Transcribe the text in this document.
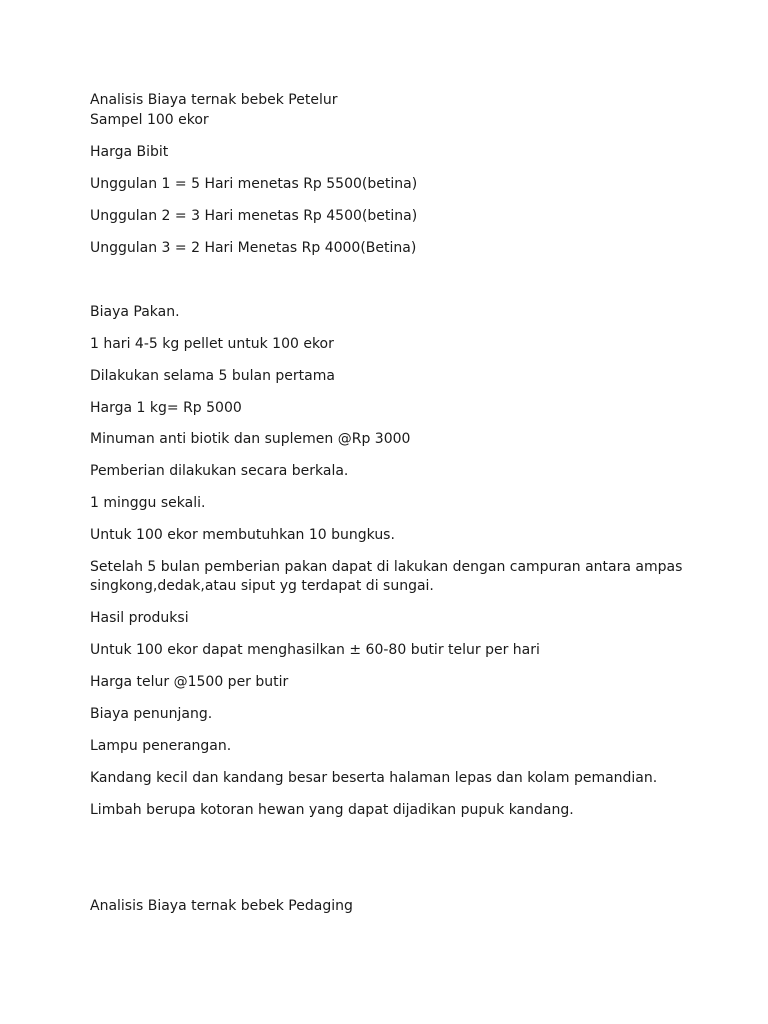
Analisis Biaya ternak bebek Petelur

Sampel 100 ekor

Harga Bibit

Unggulan 1 = 5 Hari menetas Rp 5500(betina)

Unggulan 2 = 3 Hari menetas Rp 4500(betina)

Unggulan 3 = 2 Hari Menetas Rp 4000(Betina)

Biaya Pakan.

1 hari 4-5 kg pellet untuk 100 ekor

Dilakukan selama 5 bulan pertama

Harga 1 kg= Rp 5000

Minuman anti biotik dan suplemen @Rp 3000

Pemberian dilakukan secara berkala.

1 minggu sekali.

Untuk 100 ekor membutuhkan 10 bungkus.

Setelah 5 bulan pemberian pakan dapat di lakukan dengan campuran antara ampas singkong,dedak,atau siput yg terdapat di sungai.

Hasil produksi

Untuk 100 ekor dapat menghasilkan ± 60-80 butir telur per hari

Harga telur @1500 per butir

Biaya penunjang.

Lampu penerangan.

Kandang kecil dan kandang besar beserta halaman lepas dan kolam pemandian.

Limbah berupa kotoran hewan yang dapat dijadikan pupuk kandang.

Analisis Biaya ternak bebek Pedaging
